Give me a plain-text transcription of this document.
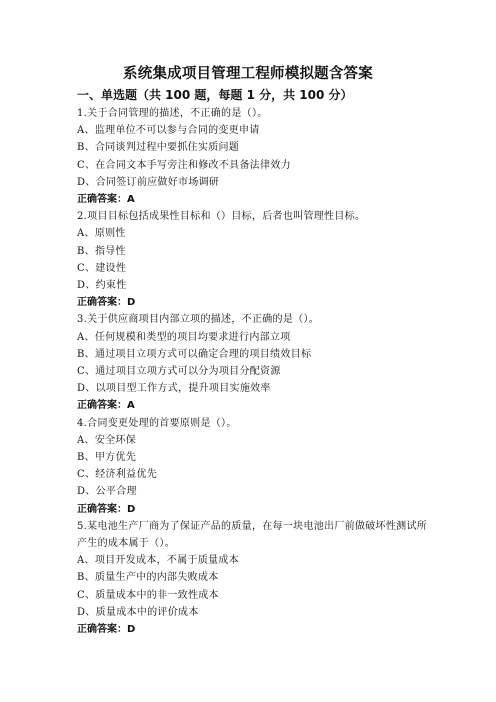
系统集成项目管理工程师模拟题含答案
一、单选题（共 100 题，每题 1 分，共 100 分）
1.关于合同管理的描述，不正确的是（）。
A、监理单位不可以参与合同的变更申请
B、合同谈判过程中要抓住实质问题
C、在合同文本手写旁注和修改不具备法律效力
D、合同签订前应做好市场调研
正确答案：A
2.项目目标包括成果性目标和（）目标，后者也叫管理性目标。
A、原则性
B、指导性
C、建设性
D、约束性
正确答案：D
3.关于供应商项目内部立项的描述，不正确的是（）。
A、任何规模和类型的项目均要求进行内部立项
B、通过项目立项方式可以确定合理的项目绩效目标
C、通过项目立项方式可以分为项目分配资源
D、以项目型工作方式，提升项目实施效率
正确答案：A
4.合同变更处理的首要原则是（）。
A、安全环保
B、甲方优先
C、经济利益优先
D、公平合理
正确答案：D
5.某电池生产厂商为了保证产品的质量，在每一块电池出厂前做破坏性测试所产生的成本属于（）。
A、项目开发成本，不属于质量成本
B、质量生产中的内部失败成本
C、质量成本中的非一致性成本
D、质量成本中的评价成本
正确答案：D
